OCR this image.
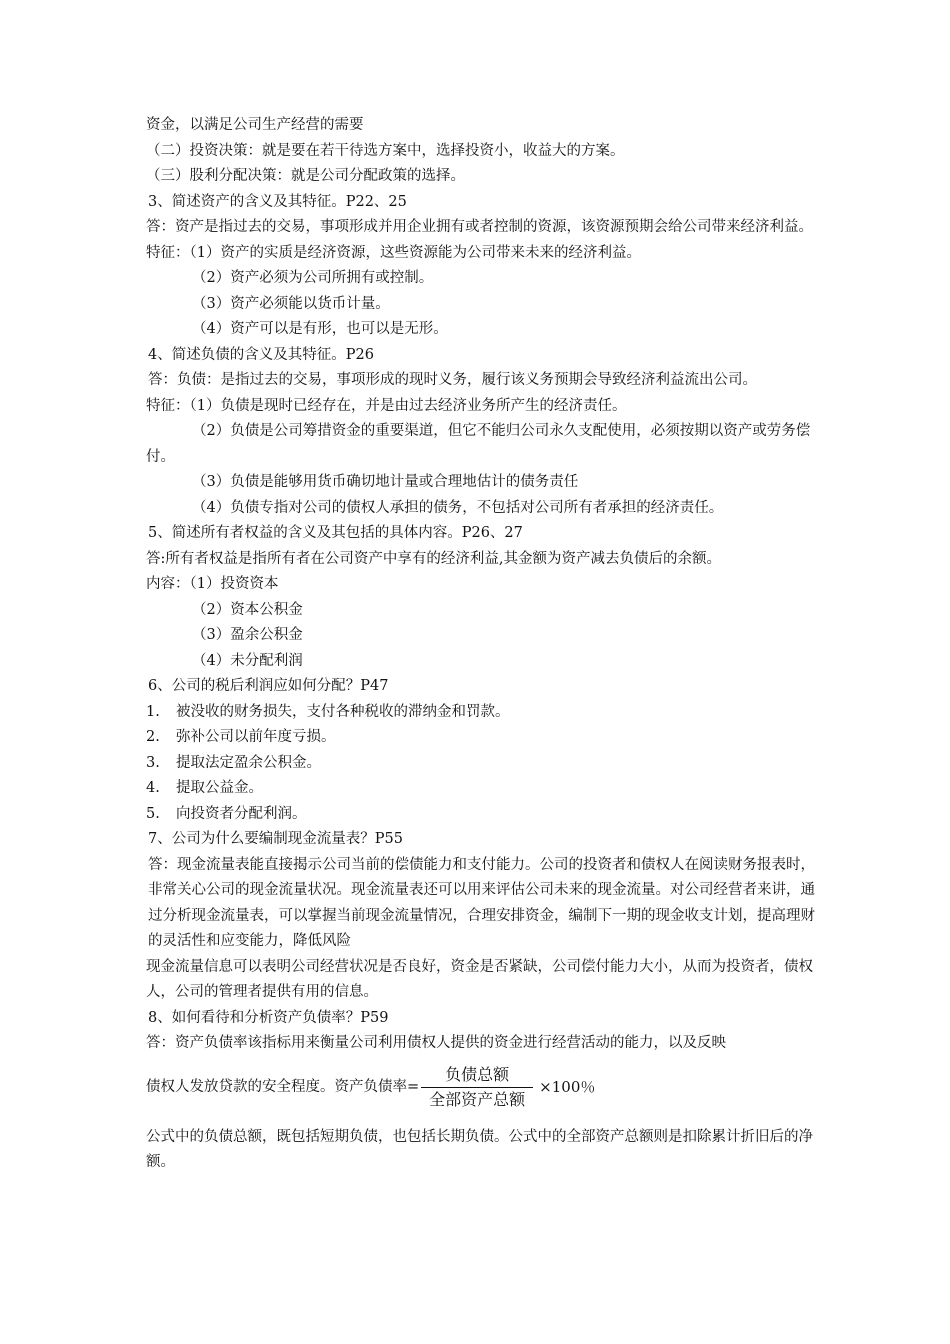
资金，以满足公司生产经营的需要
（二）投资决策：就是要在若干待选方案中，选择投资小，收益大的方案。
（三）股利分配决策：就是公司分配政策的选择。
3、简述资产的含义及其特征。P22、25
答：资产是指过去的交易，事项形成并用企业拥有或者控制的资源，该资源预期会给公司带来经济利益。
特征：（1）资产的实质是经济资源，这些资源能为公司带来未来的经济利益。
（2）资产必须为公司所拥有或控制。
（3）资产必须能以货币计量。
（4）资产可以是有形，也可以是无形。
4、简述负债的含义及其特征。P26
答：负债：是指过去的交易，事项形成的现时义务，履行该义务预期会导致经济利益流出公司。
特征：（1）负债是现时已经存在，并是由过去经济业务所产生的经济责任。
（2）负债是公司筹措资金的重要渠道，但它不能归公司永久支配使用，必须按期以资产或劳务偿付。
（3）负债是能够用货币确切地计量或合理地估计的债务责任
（4）负债专指对公司的债权人承担的债务，不包括对公司所有者承担的经济责任。
5、简述所有者权益的含义及其包括的具体内容。P26、27
答:所有者权益是指所有者在公司资产中享有的经济利益,其金额为资产减去负债后的余额。
内容：（1）投资资本
（2）资本公积金
（3）盈余公积金
（4）未分配利润
6、公司的税后利润应如何分配？P47
1. 被没收的财务损失，支付各种税收的滞纳金和罚款。
2. 弥补公司以前年度亏损。
3. 提取法定盈余公积金。
4. 提取公益金。
5. 向投资者分配利润。
7、公司为什么要编制现金流量表？P55
答：现金流量表能直接揭示公司当前的偿债能力和支付能力。公司的投资者和债权人在阅读财务报表时，非常关心公司的现金流量状况。现金流量表还可以用来评估公司未来的现金流量。对公司经营者来讲，通过分析现金流量表，可以掌握当前现金流量情况，合理安排资金，编制下一期的现金收支计划，提高理财的灵活性和应变能力，降低风险
现金流量信息可以表明公司经营状况是否良好，资金是否紧缺，公司偿付能力大小，从而为投资者，债权人，公司的管理者提供有用的信息。
8、如何看待和分析资产负债率？P59
答：资产负债率该指标用来衡量公司利用债权人提供的资金进行经营活动的能力，以及反映
债权人发放贷款的安全程度。资产负债率= $\frac{\text{负债总额}}{\text{全部资产总额}} \times 100$％
公式中的负债总额，既包括短期负债，也包括长期负债。公式中的全部资产总额则是扣除累计折旧后的净额。
